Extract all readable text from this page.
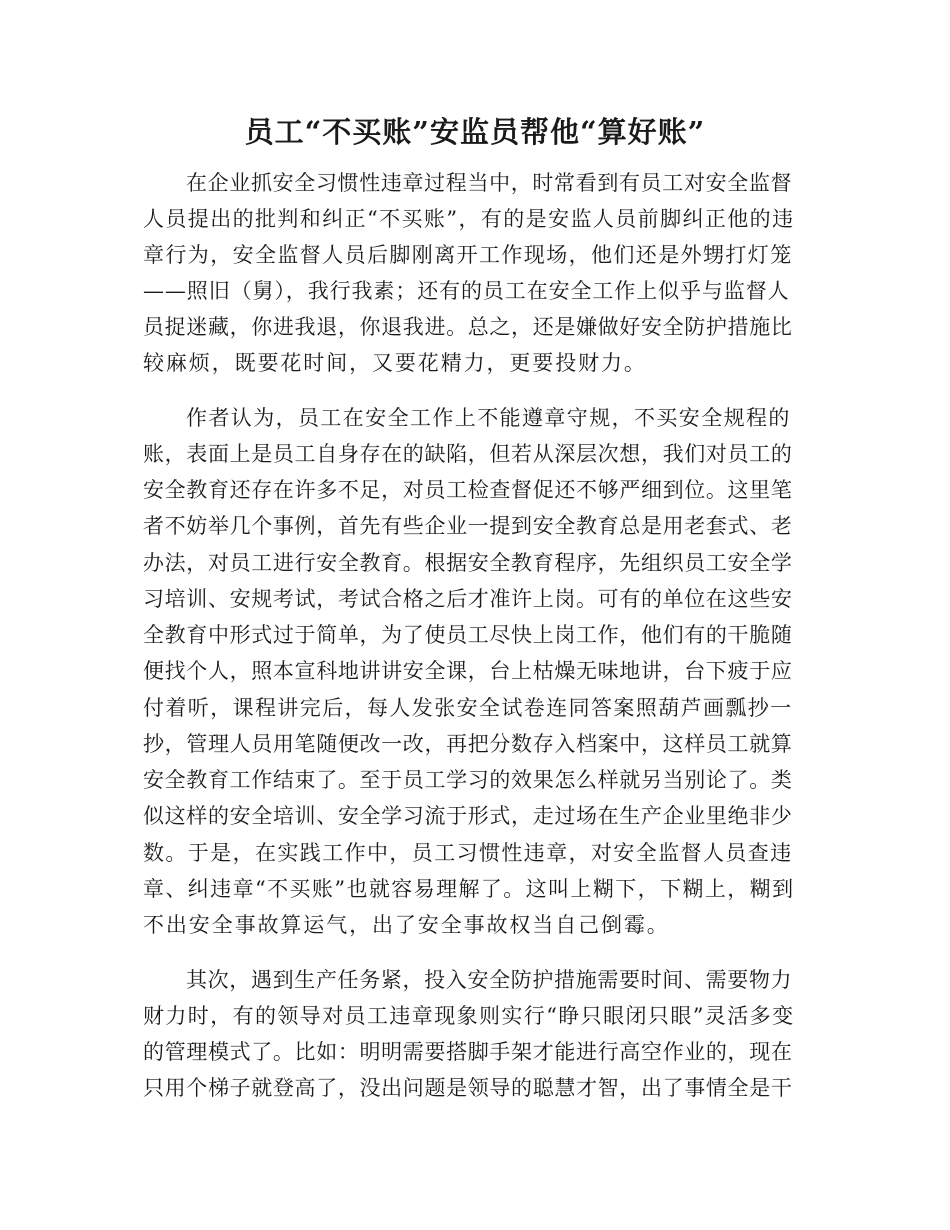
员工“不买账”安监员帮他“算好账”
在企业抓安全习惯性违章过程当中，时常看到有员工对安全监督
人员提出的批判和纠正“不买账”，有的是安监人员前脚纠正他的违
章行为，安全监督人员后脚刚离开工作现场，他们还是外甥打灯笼
——照旧（舅），我行我素；还有的员工在安全工作上似乎与监督人
员捉迷藏，你进我退，你退我进。总之，还是嫌做好安全防护措施比
较麻烦，既要花时间，又要花精力，更要投财力。
作者认为，员工在安全工作上不能遵章守规，不买安全规程的
账，表面上是员工自身存在的缺陷，但若从深层次想，我们对员工的
安全教育还存在许多不足，对员工检查督促还不够严细到位。这里笔
者不妨举几个事例，首先有些企业一提到安全教育总是用老套式、老
办法，对员工进行安全教育。根据安全教育程序，先组织员工安全学
习培训、安规考试，考试合格之后才准许上岗。可有的单位在这些安
全教育中形式过于简单，为了使员工尽快上岗工作，他们有的干脆随
便找个人，照本宣科地讲讲安全课，台上枯燥无味地讲，台下疲于应
付着听，课程讲完后，每人发张安全试卷连同答案照葫芦画瓢抄一
抄，管理人员用笔随便改一改，再把分数存入档案中，这样员工就算
安全教育工作结束了。至于员工学习的效果怎么样就另当别论了。类
似这样的安全培训、安全学习流于形式，走过场在生产企业里绝非少
数。于是，在实践工作中，员工习惯性违章，对安全监督人员查违
章、纠违章“不买账”也就容易理解了。这叫上糊下，下糊上，糊到
不出安全事故算运气，出了安全事故权当自己倒霉。
其次，遇到生产任务紧，投入安全防护措施需要时间、需要物力
财力时，有的领导对员工违章现象则实行“睁只眼闭只眼”灵活多变
的管理模式了。比如：明明需要搭脚手架才能进行高空作业的，现在
只用个梯子就登高了，没出问题是领导的聪慧才智，出了事情全是干
